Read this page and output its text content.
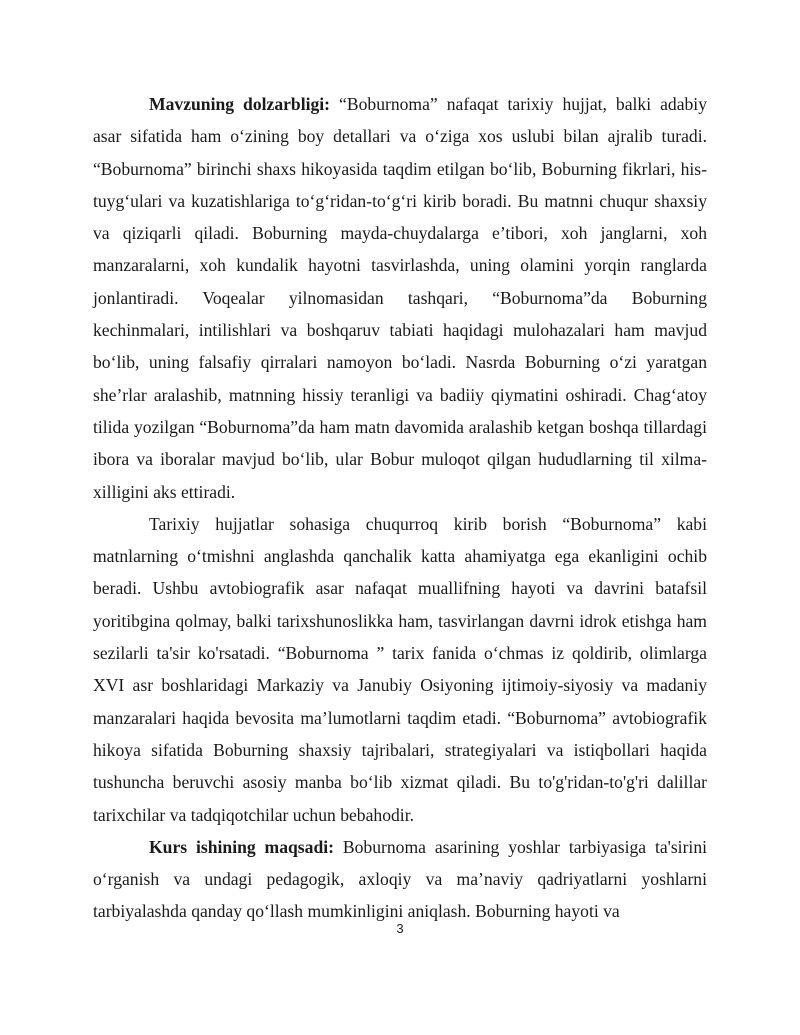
Mavzuning dolzarbligi: “Boburnoma” nafaqat tarixiy hujjat, balki adabiy asar sifatida ham o‘zining boy detallari va o‘ziga xos uslubi bilan ajralib turadi. “Boburnoma” birinchi shaxs hikoyasida taqdim etilgan bo‘lib, Boburning fikrlari, his-tuyg‘ulari va kuzatishlariga to‘g‘ridan-to‘g‘ri kirib boradi. Bu matnni chuqur shaxsiy va qiziqarli qiladi. Boburning mayda-chuydalarga e’tibori, xoh janglarni, xoh manzaralarni, xoh kundalik hayotni tasvirlashda, uning olamini yorqin ranglarda jonlantiradi. Voqealar yilnomasidan tashqari, “Boburnoma”da Boburning kechinmalari, intilishlari va boshqaruv tabiati haqidagi mulohazalari ham mavjud bo‘lib, uning falsafiy qirralari namoyon bo‘ladi. Nasrda Boburning o‘zi yaratgan she’rlar aralashib, matnning hissiy teranligi va badiiy qiymatini oshiradi. Chag‘atoy tilida yozilgan “Boburnoma”da ham matn davomida aralashib ketgan boshqa tillardagi ibora va iboralar mavjud bo‘lib, ular Bobur muloqot qilgan hududlarning til xilma-xilligini aks ettiradi.

Tarixiy hujjatlar sohasiga chuqurroq kirib borish “Boburnoma” kabi matnlarning o‘tmishni anglashda qanchalik katta ahamiyatga ega ekanligini ochib beradi. Ushbu avtobiografik asar nafaqat muallifning hayoti va davrini batafsil yoritibgina qolmay, balki tarixshunoslikka ham, tasvirlangan davrni idrok etishga ham sezilarli ta'sir ko'rsatadi. “Boburnoma ” tarix fanida o‘chmas iz qoldirib, olimlarga XVI asr boshlaridagi Markaziy va Janubiy Osiyoning ijtimoiy-siyosiy va madaniy manzaralari haqida bevosita ma’lumotlarni taqdim etadi. “Boburnoma” avtobiografik hikoya sifatida Boburning shaxsiy tajribalari, strategiyalari va istiqbollari haqida tushuncha beruvchi asosiy manba bo‘lib xizmat qiladi. Bu to'g'ridan-to'g'ri dalillar tarixchilar va tadqiqotchilar uchun bebahodir.

Kurs ishining maqsadi: Boburnoma asarining yoshlar tarbiyasiga ta'sirini o‘rganish va undagi pedagogik, axloqiy va ma’naviy qadriyatlarni yoshlarni tarbiyalashda qanday qo‘llash mumkinligini aniqlash. Boburning hayoti va

3
